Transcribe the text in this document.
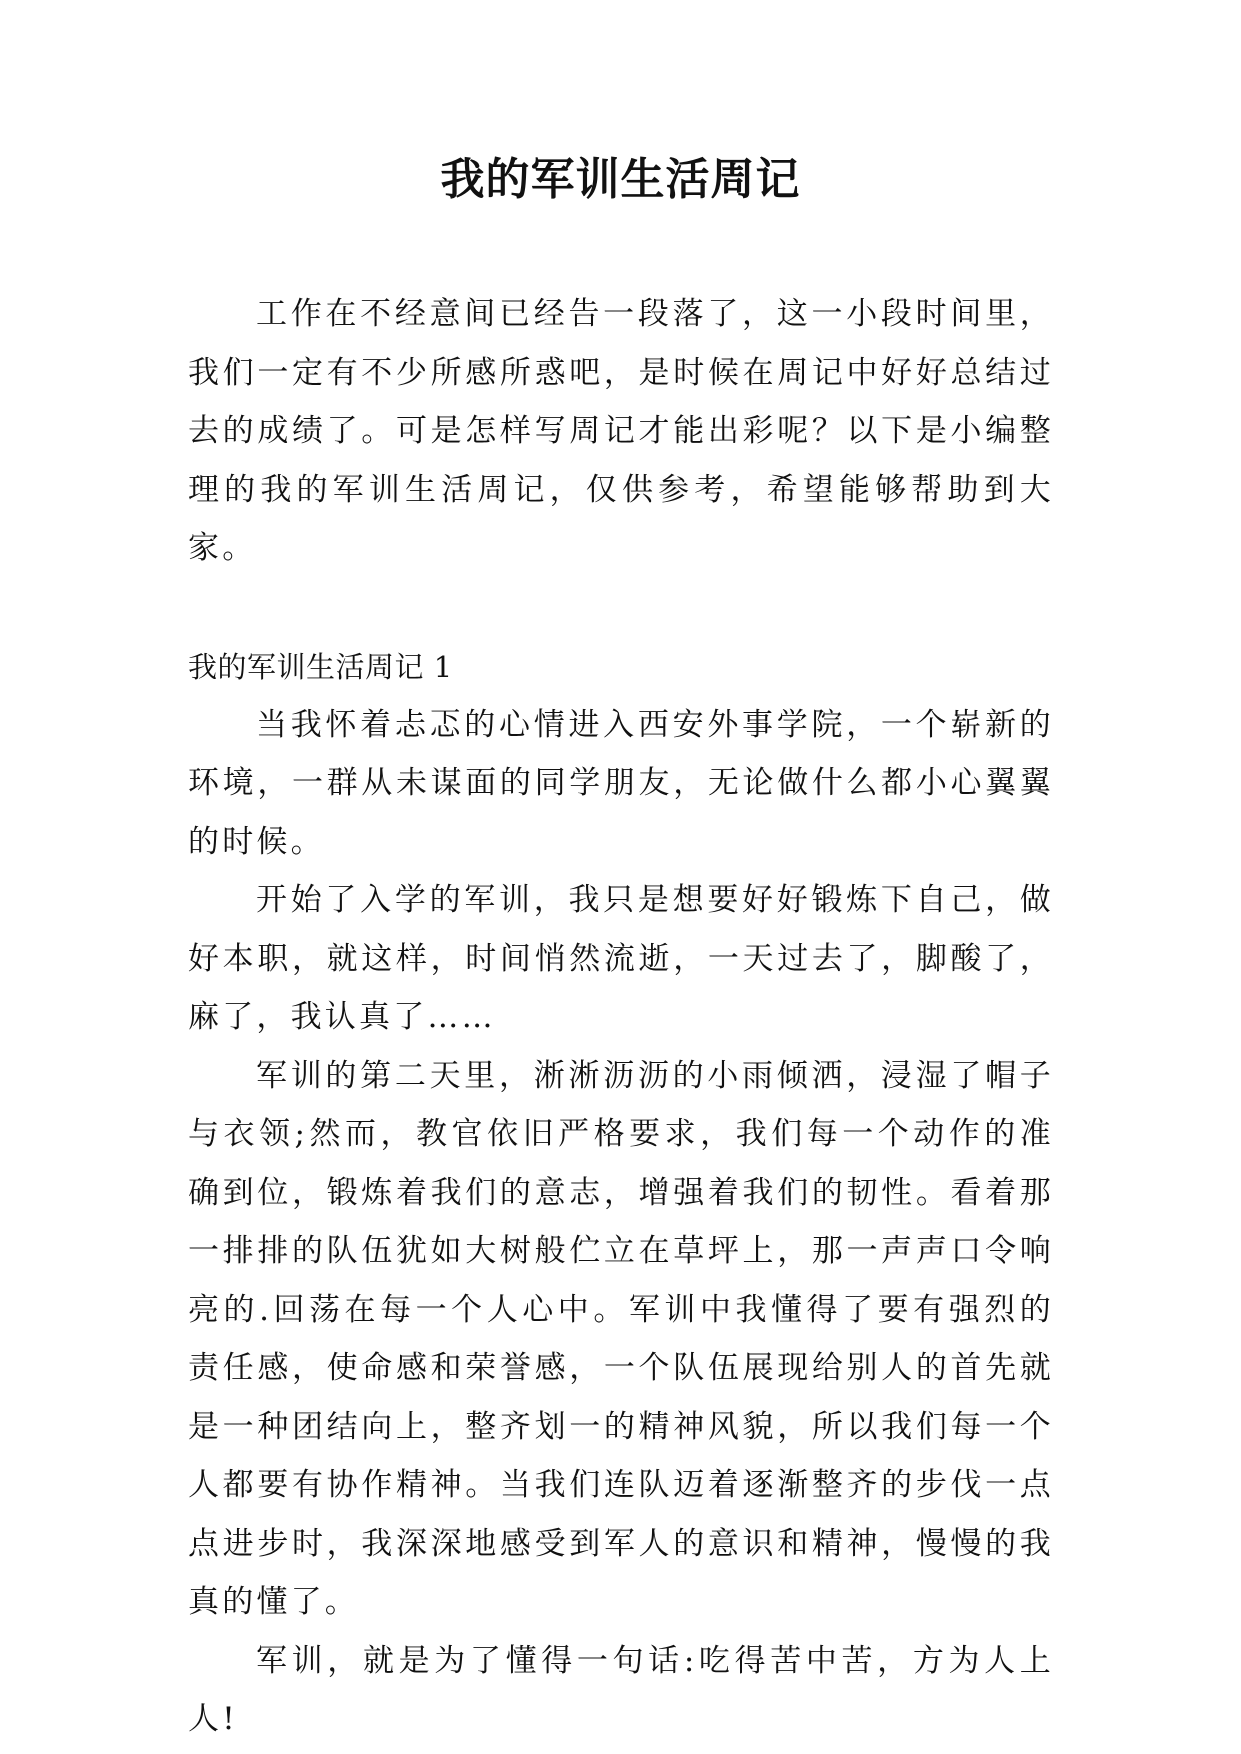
我的军训生活周记

工作在不经意间已经告一段落了，这一小段时间里，我们一定有不少所感所惑吧，是时候在周记中好好总结过去的成绩了。可是怎样写周记才能出彩呢？以下是小编整理的我的军训生活周记，仅供参考，希望能够帮助到大家。

我的军训生活周记 1

当我怀着忐忑的心情进入西安外事学院，一个崭新的环境，一群从未谋面的同学朋友，无论做什么都小心翼翼的时候。

开始了入学的军训，我只是想要好好锻炼下自己，做好本职，就这样，时间悄然流逝，一天过去了，脚酸了，麻了，我认真了……

军训的第二天里，淅淅沥沥的小雨倾洒，浸湿了帽子与衣领;然而，教官依旧严格要求，我们每一个动作的准确到位，锻炼着我们的意志，增强着我们的韧性。看着那一排排的队伍犹如大树般伫立在草坪上，那一声声口令响亮的.回荡在每一个人心中。军训中我懂得了要有强烈的责任感，使命感和荣誉感，一个队伍展现给别人的首先就是一种团结向上，整齐划一的精神风貌，所以我们每一个人都要有协作精神。当我们连队迈着逐渐整齐的步伐一点点进步时，我深深地感受到军人的意识和精神，慢慢的我真的懂了。

军训，就是为了懂得一句话:吃得苦中苦，方为人上人!
